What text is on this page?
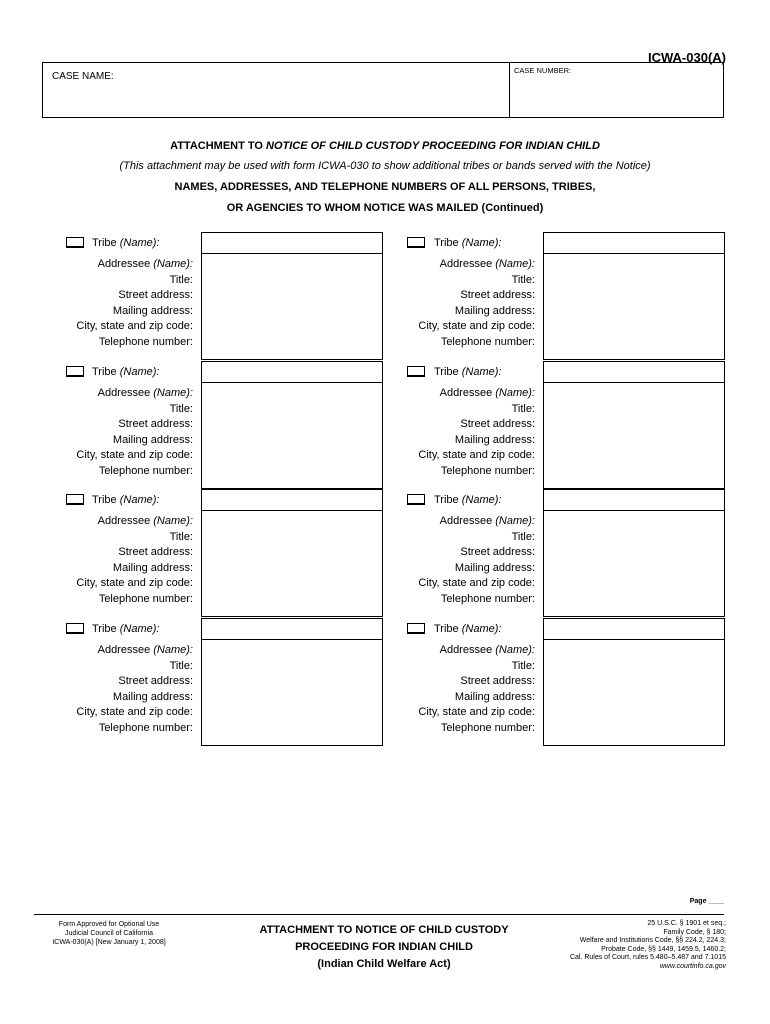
ICWA-030(A)
CASE NAME:
CASE NUMBER:
ATTACHMENT TO NOTICE OF CHILD CUSTODY PROCEEDING FOR INDIAN CHILD
(This attachment may be used with form ICWA-030 to show additional tribes or bands served with the Notice)
NAMES, ADDRESSES, AND TELEPHONE NUMBERS OF ALL PERSONS, TRIBES,
OR AGENCIES TO WHOM NOTICE WAS MAILED (Continued)
Tribe (Name):
Addressee (Name):
Title:
Street address:
Mailing address:
City, state and zip code:
Telephone number:
Tribe (Name):
Addressee (Name):
Title:
Street address:
Mailing address:
City, state and zip code:
Telephone number:
Tribe (Name):
Addressee (Name):
Title:
Street address:
Mailing address:
City, state and zip code:
Telephone number:
Tribe (Name):
Addressee (Name):
Title:
Street address:
Mailing address:
City, state and zip code:
Telephone number:
Tribe (Name):
Addressee (Name):
Title:
Street address:
Mailing address:
City, state and zip code:
Telephone number:
Tribe (Name):
Addressee (Name):
Title:
Street address:
Mailing address:
City, state and zip code:
Telephone number:
Tribe (Name):
Addressee (Name):
Title:
Street address:
Mailing address:
City, state and zip code:
Telephone number:
Tribe (Name):
Addressee (Name):
Title:
Street address:
Mailing address:
City, state and zip code:
Telephone number:
Page ____
Form Approved for Optional Use
Judicial Council of California
ICWA-030(A) [New January 1, 2008]
ATTACHMENT TO NOTICE OF CHILD CUSTODY
PROCEEDING FOR INDIAN CHILD
(Indian Child Welfare Act)
25 U.S.C. § 1901 et seq.;
Family Code, § 180;
Welfare and Institutions Code, §§ 224.2, 224.3;
Probate Code, §§ 1449, 1459.5, 1460.2;
Cal. Rules of Court, rules 5.480–5.487 and 7.1015
www.courtinfo.ca.gov
